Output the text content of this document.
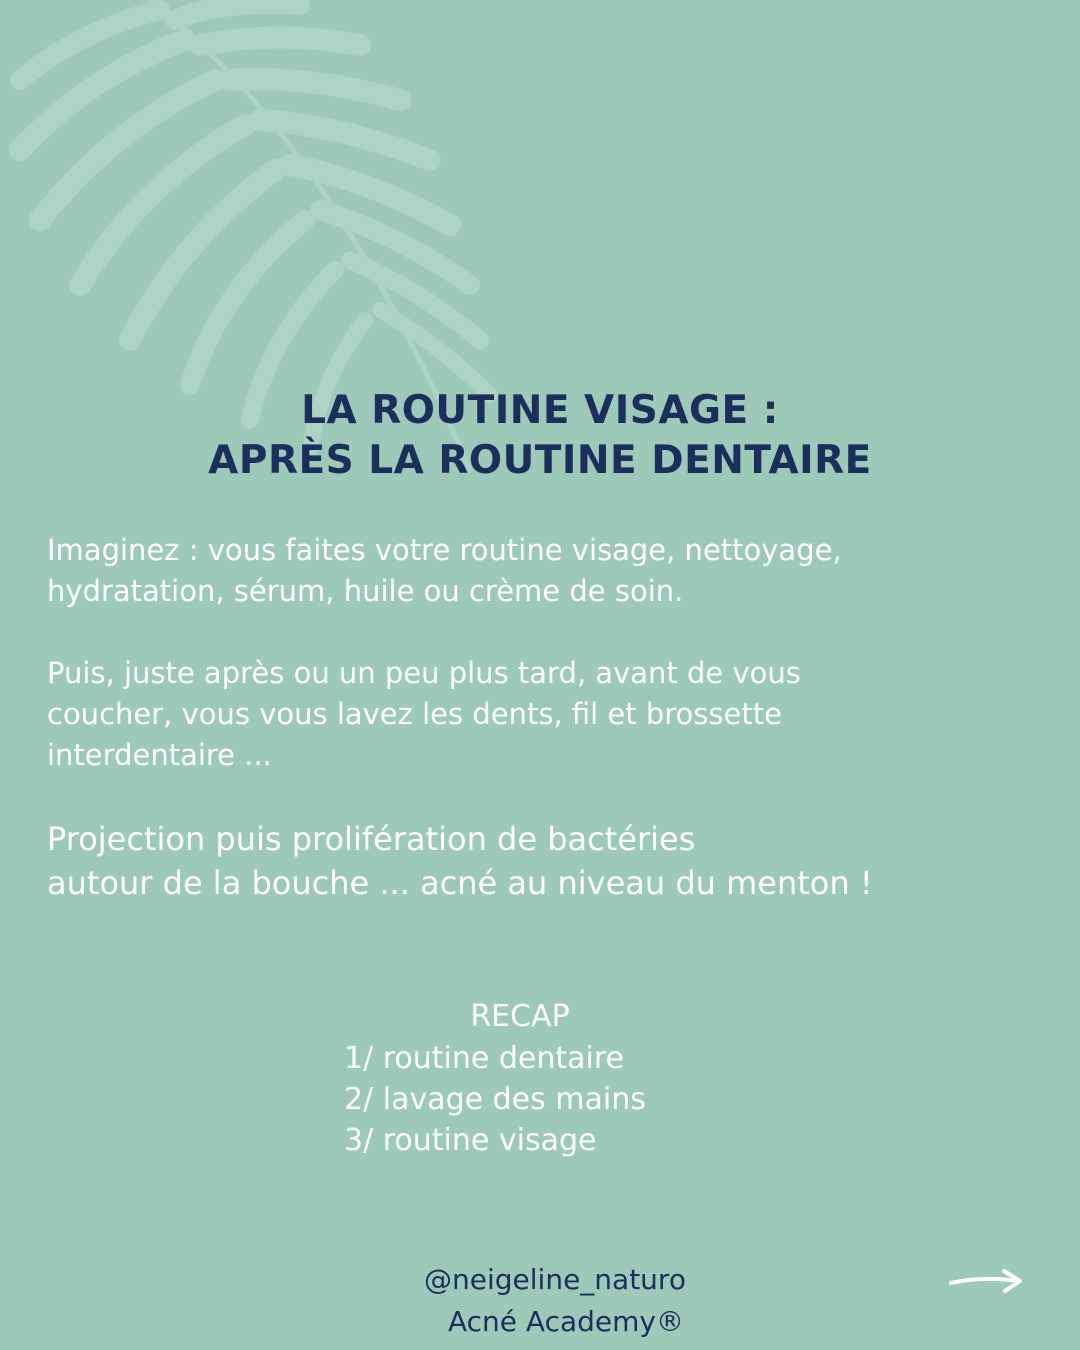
LA ROUTINE VISAGE :
APRÈS LA ROUTINE DENTAIRE
Imaginez : vous faites votre routine visage, nettoyage,
hydratation, sérum, huile ou crème de soin.
Puis, juste après ou un peu plus tard, avant de vous
coucher, vous vous lavez les dents, fil et brossette
interdentaire ...
Projection puis prolifération de bactéries
autour de la bouche ... acné au niveau du menton !
RECAP
1/ routine dentaire
2/ lavage des mains
3/ routine visage
@neigeline_naturo
Acné Academy®
